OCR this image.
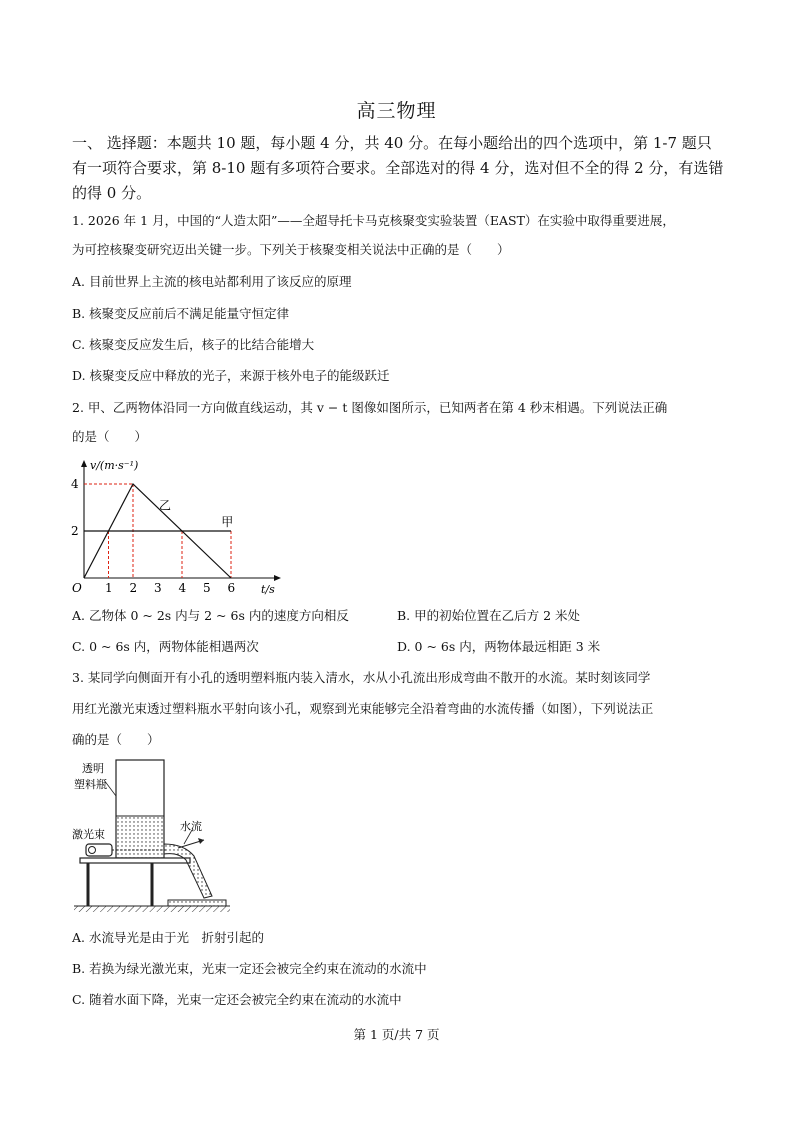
高三物理
一、 选择题：本题共 10 题，每小题 4 分，共 40 分。在每小题给出的四个选项中，第 1-7 题只有一项符合要求，第 8-10 题有多项符合要求。全部选对的得 4 分，选对但不全的得 2 分，有选错的得 0 分。
1. 2026 年 1 月，中国的“人造太阳”——全超导托卡马克核聚变实验装置（EAST）在实验中取得重要进展，
为可控核聚变研究迈出关键一步。下列关于核聚变相关说法中正确的是（　　）
A. 目前世界上主流的核电站都利用了该反应的原理
B. 核聚变反应前后不满足能量守恒定律
C. 核聚变反应发生后，核子的比结合能增大
D. 核聚变反应中释放的光子，来源于核外电子的能级跃迁
2. 甲、乙两物体沿同一方向做直线运动，其 v − t 图像如图所示，已知两者在第 4 秒末相遇。下列说法正确
的是（　　）
v/(m·s⁻¹)
t/s
O 1 2 3 4 5 6
2
4
乙
甲
A. 乙物体 0 ~ 2s 内与 2 ~ 6s 内的速度方向相反	B. 甲的初始位置在乙后方 2 米处
C. 0 ~ 6s 内，两物体能相遇两次	D. 0 ~ 6s 内，两物体最远相距 3 米
3. 某同学向侧面开有小孔的透明塑料瓶内装入清水，水从小孔流出形成弯曲不散开的水流。某时刻该同学
用红光激光束透过塑料瓶水平射向该小孔，观察到光束能够完全沿着弯曲的水流传播（如图），下列说法正
确的是（　　）
透明
塑料瓶
水流
激光束
A. 水流导光是由于光　折射引起的
B. 若换为绿光激光束，光束一定还会被完全约束在流动的水流中
C. 随着水面下降，光束一定还会被完全约束在流动的水流中
第 1 页/共 7 页
